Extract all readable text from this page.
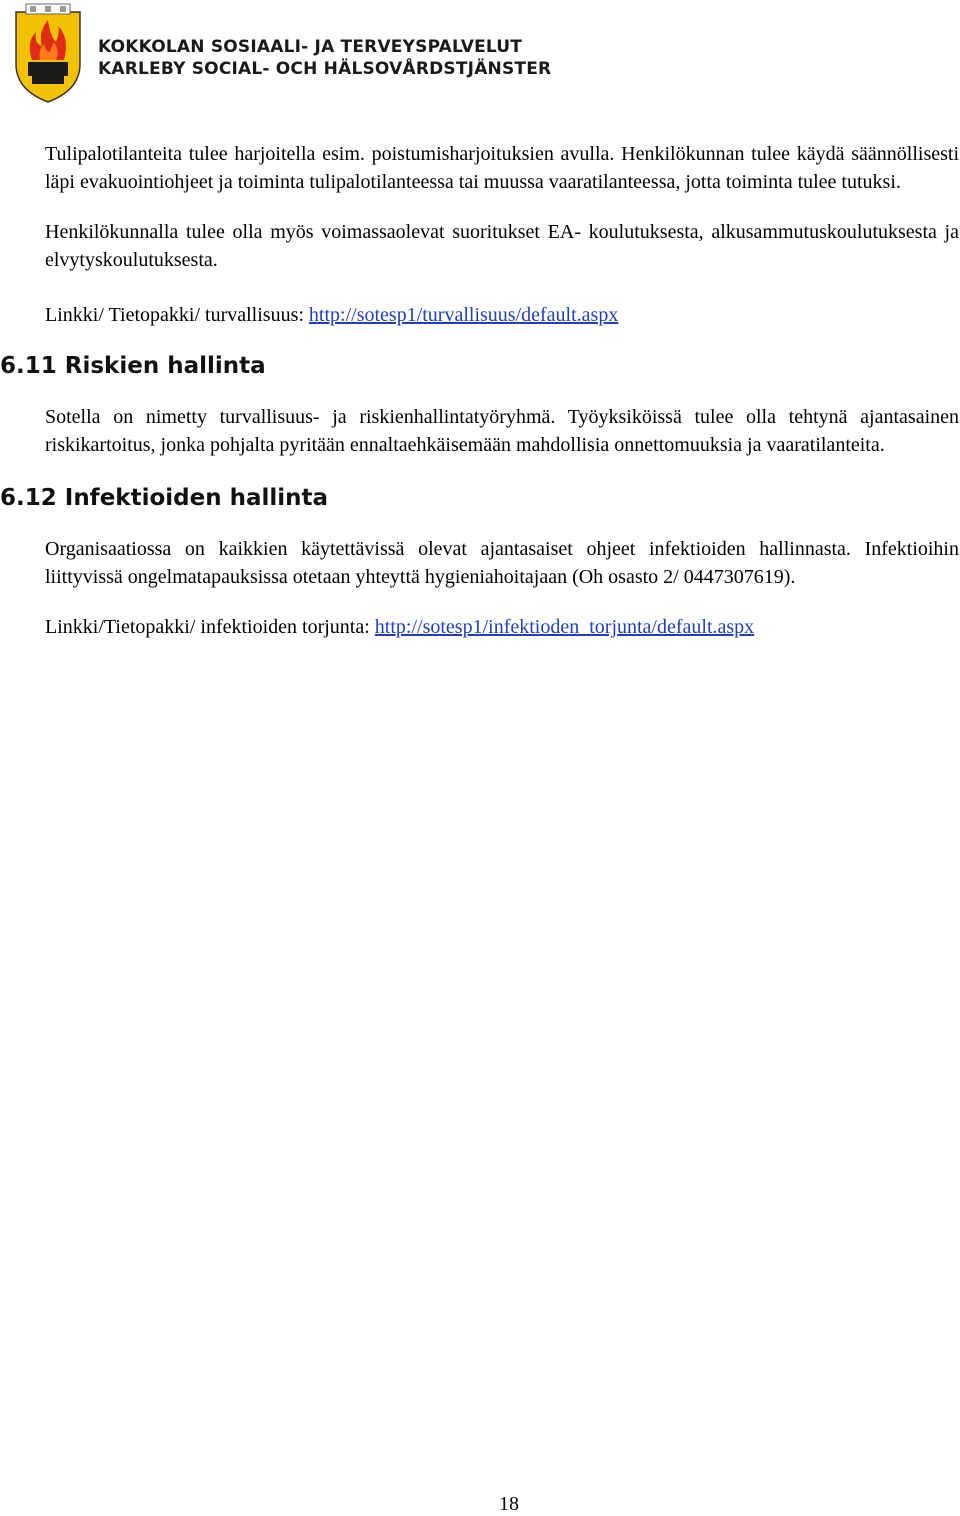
KOKKOLAN SOSIAALI- JA TERVEYSPALVELUT
KARLEBY SOCIAL- OCH HÄLSOVÅRDSTJÄNSTER

Tulipalotilanteita tulee harjoitella esim. poistumisharjoituksien avulla. Henkilökunnan tulee käydä säännöllisesti läpi evakuointiohjeet ja toiminta tulipalotilanteessa tai muussa vaaratilanteessa, jotta toiminta tulee tutuksi.

Henkilökunnalla tulee olla myös voimassaolevat suoritukset EA- koulutuksesta, alkusammutuskoulutuksesta ja elvytyskoulutuksesta.

Linkki/ Tietopakki/ turvallisuus: http://sotesp1/turvallisuus/default.aspx

6.11 Riskien hallinta

Sotella on nimetty turvallisuus- ja riskienhallintatyöryhmä. Työyksiköissä tulee olla tehtynä ajantasainen riskikartoitus, jonka pohjalta pyritään ennaltaehkäisemään mahdollisia onnettomuuksia ja vaaratilanteita.

6.12 Infektioiden hallinta

Organisaatiossa on kaikkien käytettävissä olevat ajantasaiset ohjeet infektioiden hallinnasta. Infektioihin liittyvissä ongelmatapauksissa otetaan yhteyttä hygieniahoitajaan (Oh osasto 2/ 0447307619).

Linkki/Tietopakki/ infektioiden torjunta: http://sotesp1/infektioden_torjunta/default.aspx

18
